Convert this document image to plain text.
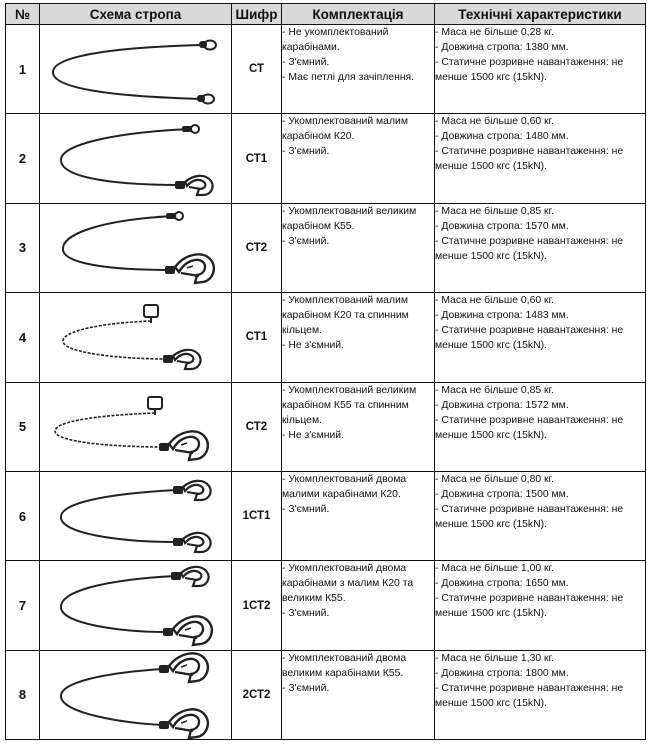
№	Схема стропа	Шифр	Комплектація	Технічні характеристики
1		СТ	- Не укомплектований карабінами.
- З'ємний.
- Має петлі для зачіплення.	- Маса не більше 0,28 кг.
- Довжина стропа: 1380 мм.
- Статичне розривне навантаження: не менше 1500 кгс (15kN).

2		СТ1	- Укомплектований малим карабіном К20.
- З'ємний.	- Маса не більше 0,60 кг.
- Довжина стропа: 1480 мм.
- Статичне розривне навантаження: не менше 1500 кгс (15kN).

3		СТ2	- Укомплектований великим карабіном К55.
- З'ємний.	- Маса не більше 0,85 кг.
- Довжина стропа: 1570 мм.
- Статичне розривне навантаження: не менше 1500 кгс (15kN).

4		СТ1	- Укомплектований малим карабіном К20 та спинним кільцем.
- Не з'ємний.	- Маса не більше 0,60 кг.
- Довжина стропа: 1483 мм.
- Статичне розривне навантаження: не менше 1500 кгс (15kN).

5		СТ2	- Укомплектований великим карабіном К55 та спинним кільцем.
- Не з'ємний.	- Маса не більше 0,85 кг.
- Довжина стропа: 1572 мм.
- Статичне розривне навантаження: не менше 1500 кгс (15kN).

6		1СТ1	- Укомплектований двома малими карабінами К20.
- З'ємний.	- Маса не більше 0,80 кг.
- Довжина стропа: 1500 мм.
- Статичне розривне навантаження: не менше 1500 кгс (15kN).

7		1СТ2	- Укомплектований двома карабінами з малим К20 та великим К55.
- З'ємний.	- Маса не більше 1,00 кг.
- Довжина стропа: 1650 мм.
- Статичне розривне навантаження: не менше 1500 кгс (15kN).

8		2СТ2	- Укомплектований двома великим карабінами К55.
- З'ємний.	- Маса не більше 1,30 кг.
- Довжина стропа: 1800 мм.
- Статичне розривне навантаження: не менше 1500 кгс (15kN).
